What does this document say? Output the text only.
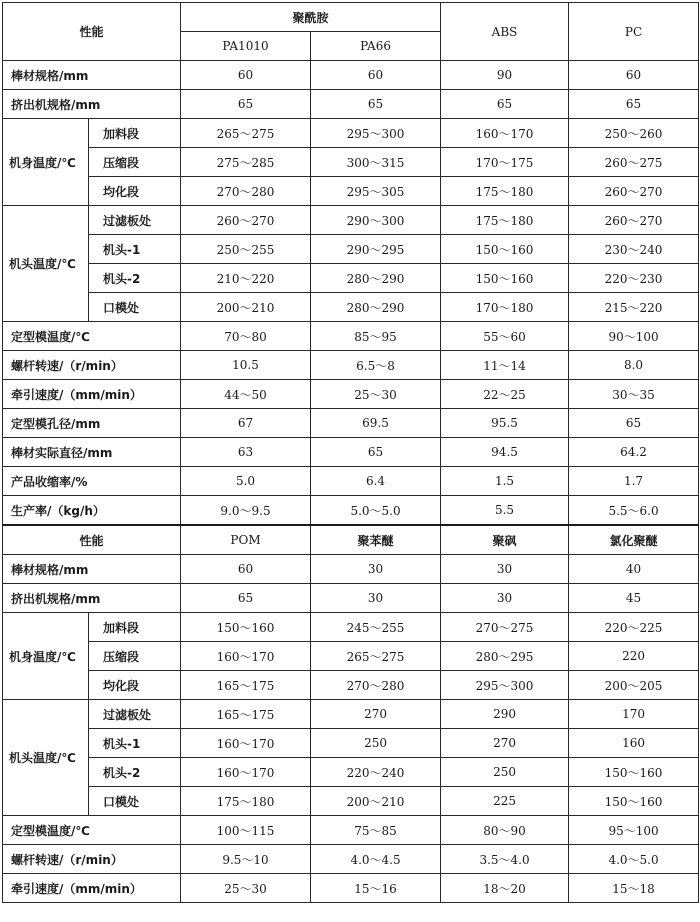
性能		聚酰胺		ABS	PC
		PA1010	PA66		
棒材规格/mm		60	60	90	60
挤出机规格/mm		65	65	65	65
机身温度/℃	加料段	265～275	295～300	160～170	250～260
	压缩段	275～285	300～315	170～175	260～275
	均化段	270～280	295～305	175～180	260～270
机头温度/℃	过滤板处	260～270	290～300	175～180	260～270
	机头-1	250～255	290～295	150～160	230～240
	机头-2	210～220	280～290	150～160	220～230
	口模处	200～210	280～290	170～180	215～220
定型模温度/℃		70～80	85～95	55～60	90～100
螺杆转速/（r/min）		10.5	6.5～8	11～14	8.0
牵引速度/（mm/min）		44～50	25～30	22～25	30～35
定型模孔径/mm		67	69.5	95.5	65
棒材实际直径/mm		63	65	94.5	64.2
产品收缩率/%		5.0	6.4	1.5	1.7
生产率/（kg/h）		9.0～9.5	5.0～5.0	5.5	5.5～6.0
性能		POM	聚苯醚	聚砜	氯化聚醚
棒材规格/mm		60	30	30	40
挤出机规格/mm		65	30	30	45
机身温度/℃	加料段	150～160	245～255	270～275	220～225
	压缩段	160～170	265～275	280～295	220
	均化段	165～175	270～280	295～300	200～205
机头温度/℃	过滤板处	165～175	270	290	170
	机头-1	160～170	250	270	160
	机头-2	160～170	220～240	250	150～160
	口模处	175～180	200～210	225	150～160
定型模温度/℃		100～115	75～85	80～90	95～100
螺杆转速/（r/min）		9.5～10	4.0～4.5	3.5～4.0	4.0～5.0
牵引速度/（mm/min）		25～30	15～16	18～20	15～18
